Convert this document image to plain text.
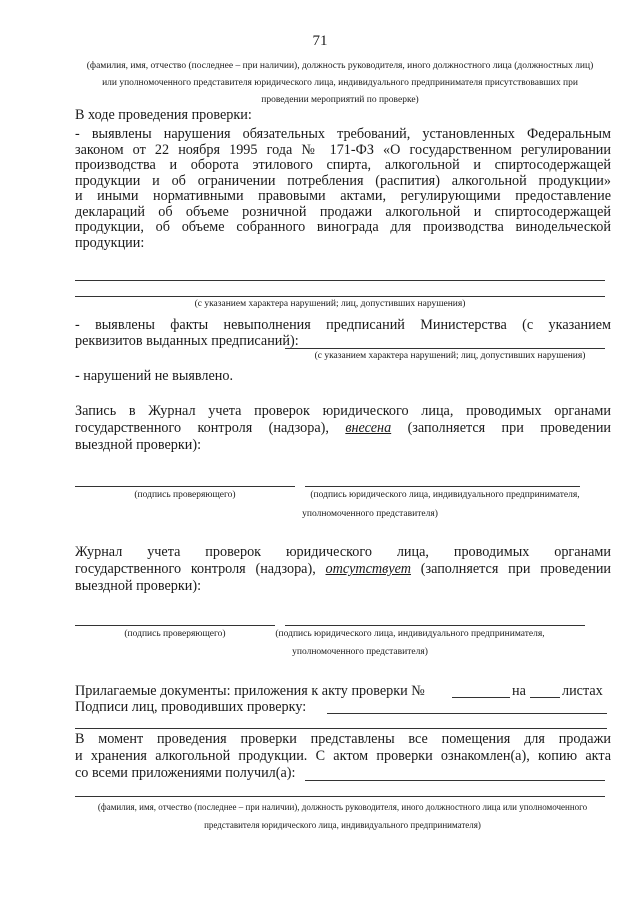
71
(фамилия, имя, отчество (последнее – при наличии), должность руководителя, иного должностного лица (должностных лиц)
или уполномоченного представителя юридического лица, индивидуального предпринимателя присутствовавших при
проведении мероприятий по проверке)
В ходе проведения проверки:
- выявлены нарушения обязательных требований, установленных Федеральным
законом от 22 ноября 1995 года № 171-ФЗ «О государственном регулировании
производства и оборота этилового спирта, алкогольной и спиртосодержащей
продукции и об ограничении потребления (распития) алкогольной продукции»
и иными нормативными правовыми актами, регулирующими предоставление
деклараций об объеме розничной продажи алкогольной и спиртосодержащей
продукции, об объеме собранного винограда для производства винодельческой
продукции:
(с указанием характера нарушений; лиц, допустивших нарушения)
- выявлены факты невыполнения предписаний Министерства (с указанием
реквизитов выданных предписаний):
(с указанием характера нарушений; лиц, допустивших нарушения)
- нарушений не выявлено.
Запись в Журнал учета проверок юридического лица, проводимых органами
государственного контроля (надзора), внесена (заполняется при проведении
выездной проверки):
(подпись проверяющего)	(подпись юридического лица, индивидуального предпринимателя,
уполномоченного представителя)
Журнал учета проверок юридического лица, проводимых органами
государственного контроля (надзора), отсутствует (заполняется при проведении
выездной проверки):
(подпись проверяющего)	(подпись юридического лица, индивидуального предпринимателя,
уполномоченного представителя)
Прилагаемые документы: приложения к акту проверки №	на	листах
Подписи лиц, проводивших проверку:
В момент проведения проверки представлены все помещения для продажи
и хранения алкогольной продукции. С актом проверки ознакомлен(а), копию акта
со всеми приложениями получил(а):
(фамилия, имя, отчество (последнее – при наличии), должность руководителя, иного должностного лица или уполномоченного
представителя юридического лица, индивидуального предпринимателя)
